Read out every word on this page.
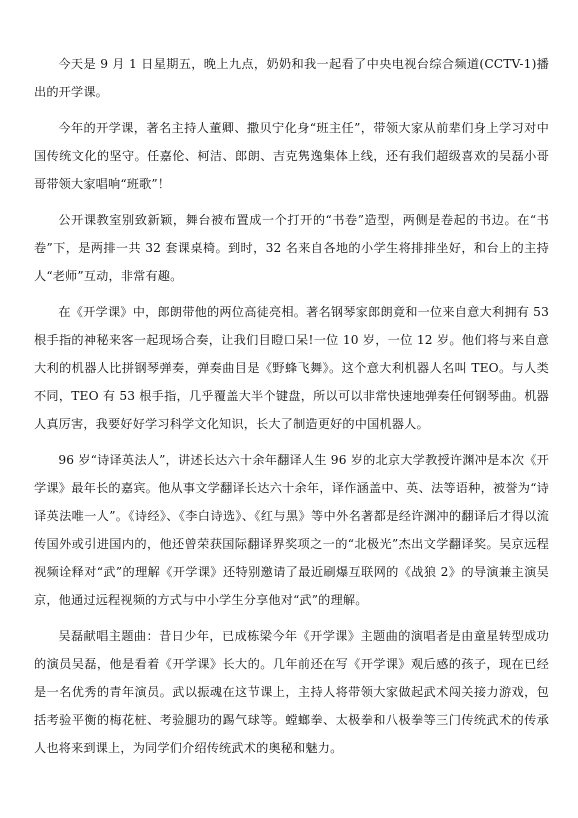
今天是 9 月 1 日星期五，晚上九点，奶奶和我一起看了中央电视台综合频道(CCTV-1)播出的开学课。

今年的开学课，著名主持人董卿、撒贝宁化身“班主任”，带领大家从前辈们身上学习对中国传统文化的坚守。任嘉伦、柯洁、郎朗、吉克隽逸集体上线，还有我们超级喜欢的吴磊小哥哥带领大家唱响“班歌”！

公开课教室别致新颖，舞台被布置成一个打开的“书卷”造型，两侧是卷起的书边。在“书卷”下，是两排一共 32 套课桌椅。到时，32 名来自各地的小学生将排排坐好，和台上的主持人“老师”互动，非常有趣。

在《开学课》中，郎朗带他的两位高徒亮相。著名钢琴家郎朗竟和一位来自意大利拥有 53 根手指的神秘来客一起现场合奏，让我们目瞪口呆!一位 10 岁，一位 12 岁。他们将与来自意大利的机器人比拼钢琴弹奏，弹奏曲目是《野蜂飞舞》。这个意大利机器人名叫 TEO。与人类不同，TEO 有 53 根手指，几乎覆盖大半个键盘，所以可以非常快速地弹奏任何钢琴曲。机器人真厉害，我要好好学习科学文化知识，长大了制造更好的中国机器人。

96 岁“诗译英法人”，讲述长达六十余年翻译人生 96 岁的北京大学教授许渊冲是本次《开学课》最年长的嘉宾。他从事文学翻译长达六十余年，译作涵盖中、英、法等语种，被誉为“诗译英法唯一人”。《诗经》、《李白诗选》、《红与黑》等中外名著都是经许渊冲的翻译后才得以流传国外或引进国内的，他还曾荣获国际翻译界奖项之一的“北极光”杰出文学翻译奖。吴京远程视频诠释对“武”的理解《开学课》还特别邀请了最近刷爆互联网的《战狼 2》的导演兼主演吴京，他通过远程视频的方式与中小学生分享他对“武”的理解。

吴磊献唱主题曲：昔日少年，已成栋梁今年《开学课》主题曲的演唱者是由童星转型成功的演员吴磊，他是看着《开学课》长大的。几年前还在写《开学课》观后感的孩子，现在已经是一名优秀的青年演员。武以振魂在这节课上，主持人将带领大家做起武术闯关接力游戏，包括考验平衡的梅花桩、考验腿功的踢气球等。螳螂拳、太极拳和八极拳等三门传统武术的传承人也将来到课上，为同学们介绍传统武术的奥秘和魅力。
